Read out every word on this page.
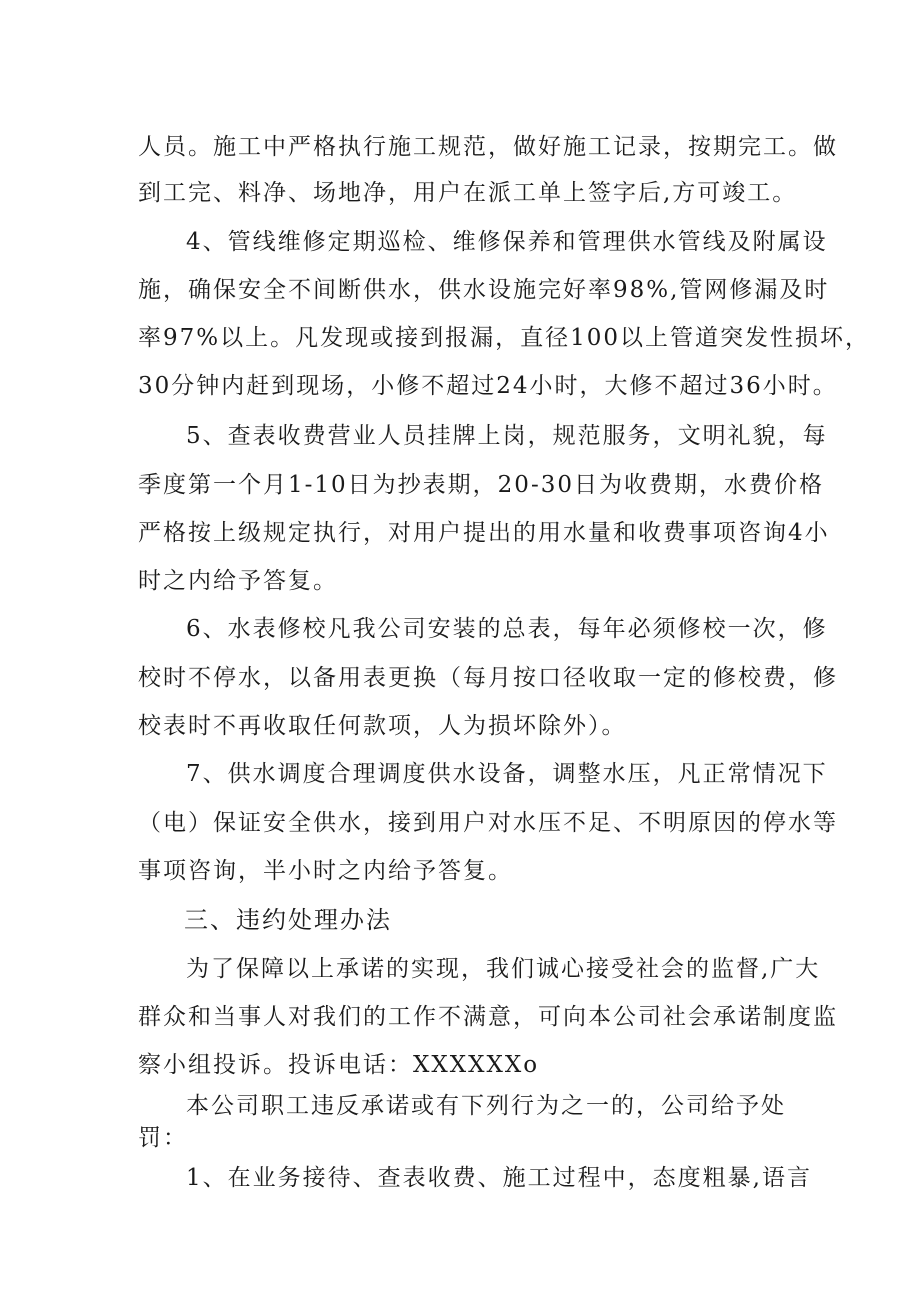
人员。施工中严格执行施工规范，做好施工记录，按期完工。做
到工完、料净、场地净，用户在派工单上签字后,方可竣工。
4、管线维修定期巡检、维修保养和管理供水管线及附属设
施，确保安全不间断供水，供水设施完好率98%,管网修漏及时
率97%以上。凡发现或接到报漏，直径100以上管道突发性损坏，
30分钟内赶到现场，小修不超过24小时，大修不超过36小时。
5、查表收费营业人员挂牌上岗，规范服务，文明礼貌，每
季度第一个月1-10日为抄表期，20-30日为收费期，水费价格
严格按上级规定执行，对用户提出的用水量和收费事项咨询4小
时之内给予答复。
6、水表修校凡我公司安装的总表，每年必须修校一次，修
校时不停水，以备用表更换（每月按口径收取一定的修校费，修
校表时不再收取任何款项，人为损坏除外）。
7、供水调度合理调度供水设备，调整水压，凡正常情况下
（电）保证安全供水，接到用户对水压不足、不明原因的停水等
事项咨询，半小时之内给予答复。
三、违约处理办法
为了保障以上承诺的实现，我们诚心接受社会的监督,广大
群众和当事人对我们的工作不满意，可向本公司社会承诺制度监
察小组投诉。投诉电话：XXXXXXo
本公司职工违反承诺或有下列行为之一的，公司给予处
罚：
1、在业务接待、查表收费、施工过程中，态度粗暴,语言
